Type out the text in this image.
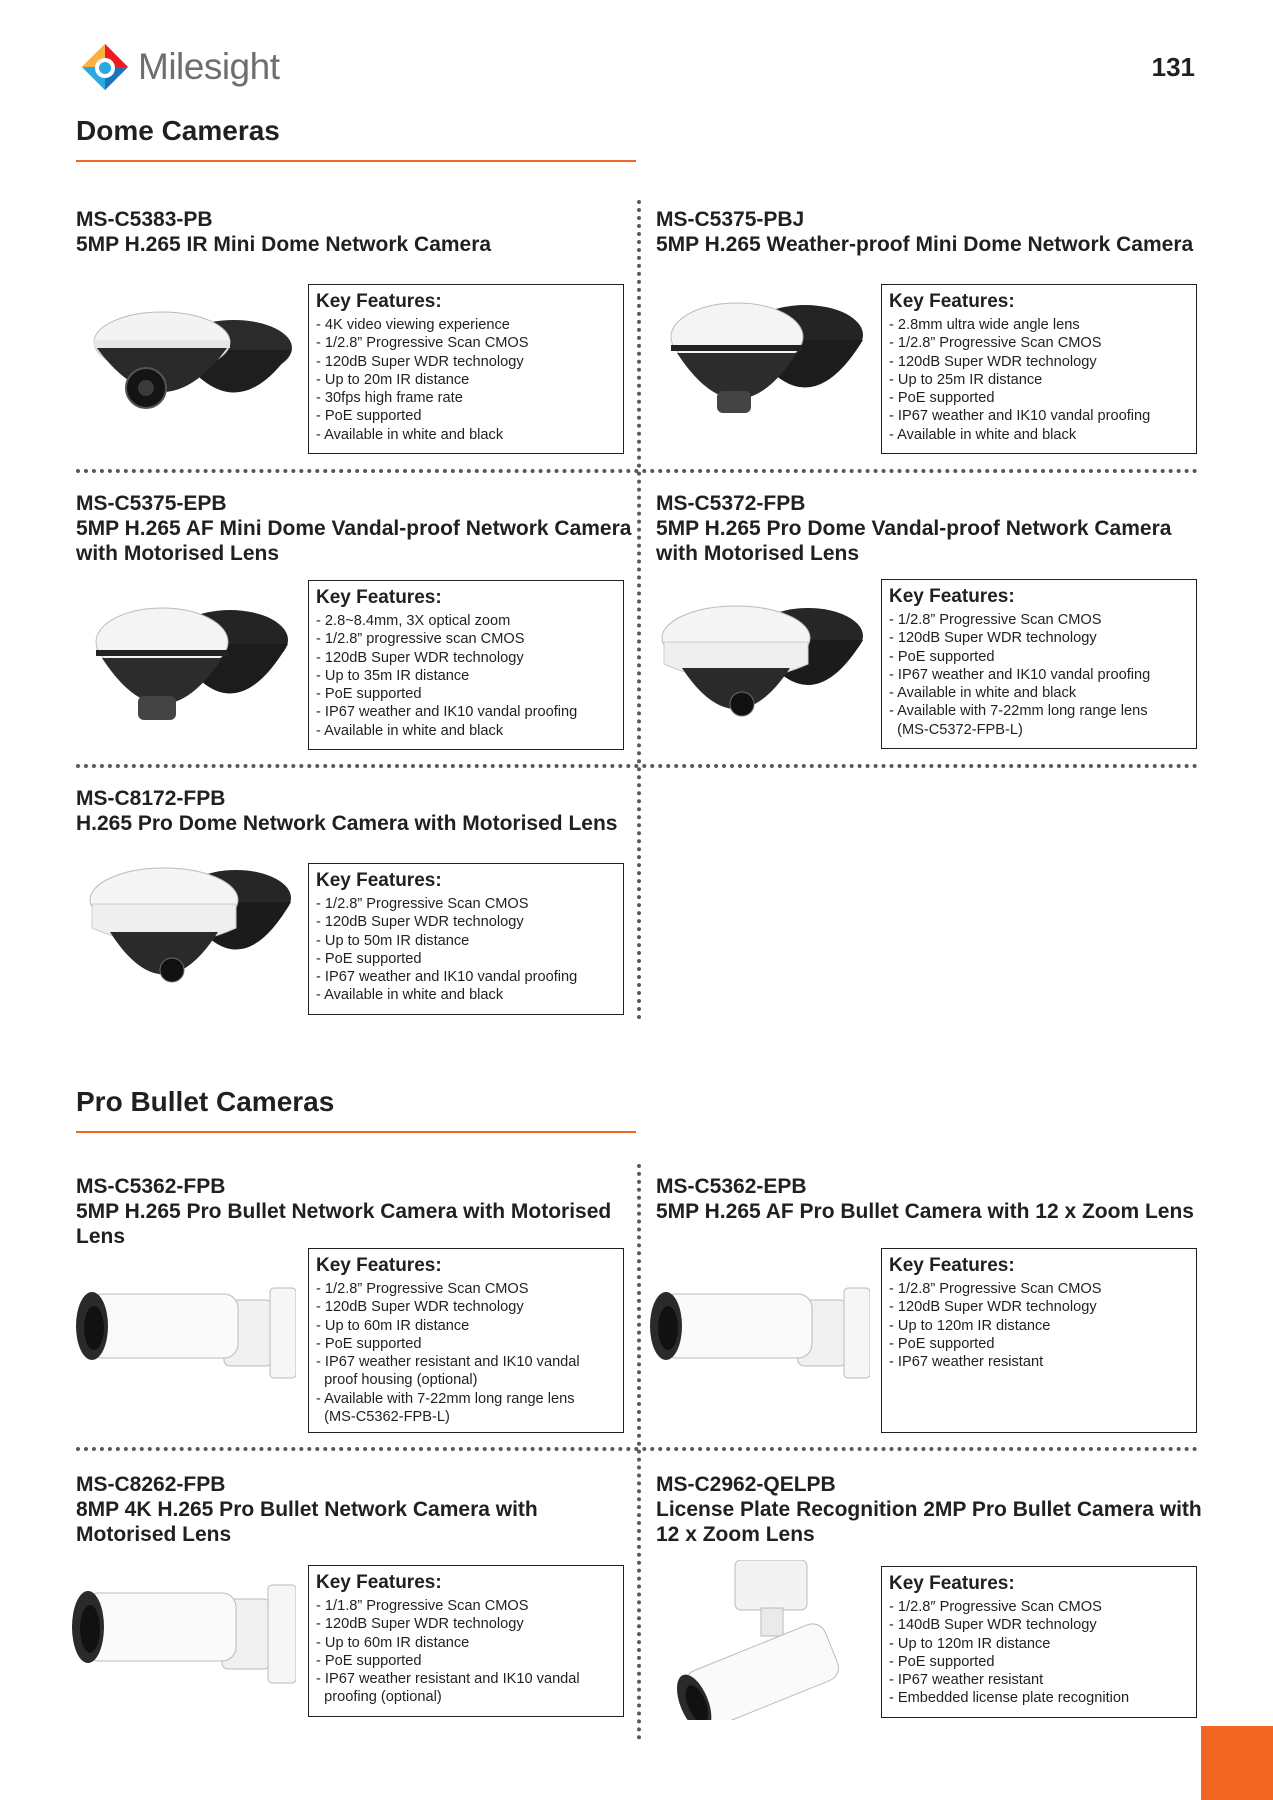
Milesight	131
Dome Cameras
MS-C5383-PB
5MP H.265 IR Mini Dome Network Camera
Key Features:
- 4K video viewing experience
- 1/2.8” Progressive Scan CMOS
- 120dB Super WDR technology
- Up to 20m IR distance
- 30fps high frame rate
- PoE supported
- Available in white and black
MS-C5375-PBJ
5MP H.265 Weather-proof Mini Dome Network Camera
Key Features:
- 2.8mm ultra wide angle lens
- 1/2.8” Progressive Scan CMOS
- 120dB Super WDR technology
- Up to 25m IR distance
- PoE supported
- IP67 weather and IK10 vandal proofing
- Available in white and black
MS-C5375-EPB
5MP H.265 AF Mini Dome Vandal-proof Network Camera with Motorised Lens
Key Features:
- 2.8~8.4mm, 3X optical zoom
- 1/2.8” progressive scan CMOS
- 120dB Super WDR technology
- Up to 35m IR distance
- PoE supported
- IP67 weather and IK10 vandal proofing
- Available in white and black
MS-C5372-FPB
5MP H.265 Pro Dome Vandal-proof Network Camera with Motorised Lens
Key Features:
- 1/2.8” Progressive Scan CMOS
- 120dB Super WDR technology
- PoE supported
- IP67 weather and IK10 vandal proofing
- Available in white and black
- Available with 7-22mm long range lens
(MS-C5372-FPB-L)
MS-C8172-FPB
H.265 Pro Dome Network Camera with Motorised Lens
Key Features:
- 1/2.8” Progressive Scan CMOS
- 120dB Super WDR technology
- Up to 50m IR distance
- PoE supported
- IP67 weather and IK10 vandal proofing
- Available in white and black
Pro Bullet Cameras
MS-C5362-FPB
5MP H.265 Pro Bullet Network Camera with Motorised Lens
Key Features:
- 1/2.8” Progressive Scan CMOS
- 120dB Super WDR technology
- Up to 60m IR distance
- PoE supported
- IP67 weather resistant and IK10 vandal
proof housing (optional)
- Available with 7-22mm long range lens
(MS-C5362-FPB-L)
MS-C5362-EPB
5MP H.265 AF Pro Bullet Camera with 12 x Zoom Lens
Key Features:
- 1/2.8” Progressive Scan CMOS
- 120dB Super WDR technology
- Up to 120m IR distance
- PoE supported
- IP67 weather resistant
MS-C8262-FPB
8MP 4K H.265 Pro Bullet Network Camera with Motorised Lens
Key Features:
- 1/1.8” Progressive Scan CMOS
- 120dB Super WDR technology
- Up to 60m IR distance
- PoE supported
- IP67 weather resistant and IK10 vandal
proofing (optional)
MS-C2962-QELPB
License Plate Recognition 2MP Pro Bullet Camera with 12 x Zoom Lens
Key Features:
- 1/2.8″ Progressive Scan CMOS
- 140dB Super WDR technology
- Up to 120m IR distance
- PoE supported
- IP67 weather resistant
- Embedded license plate recognition
